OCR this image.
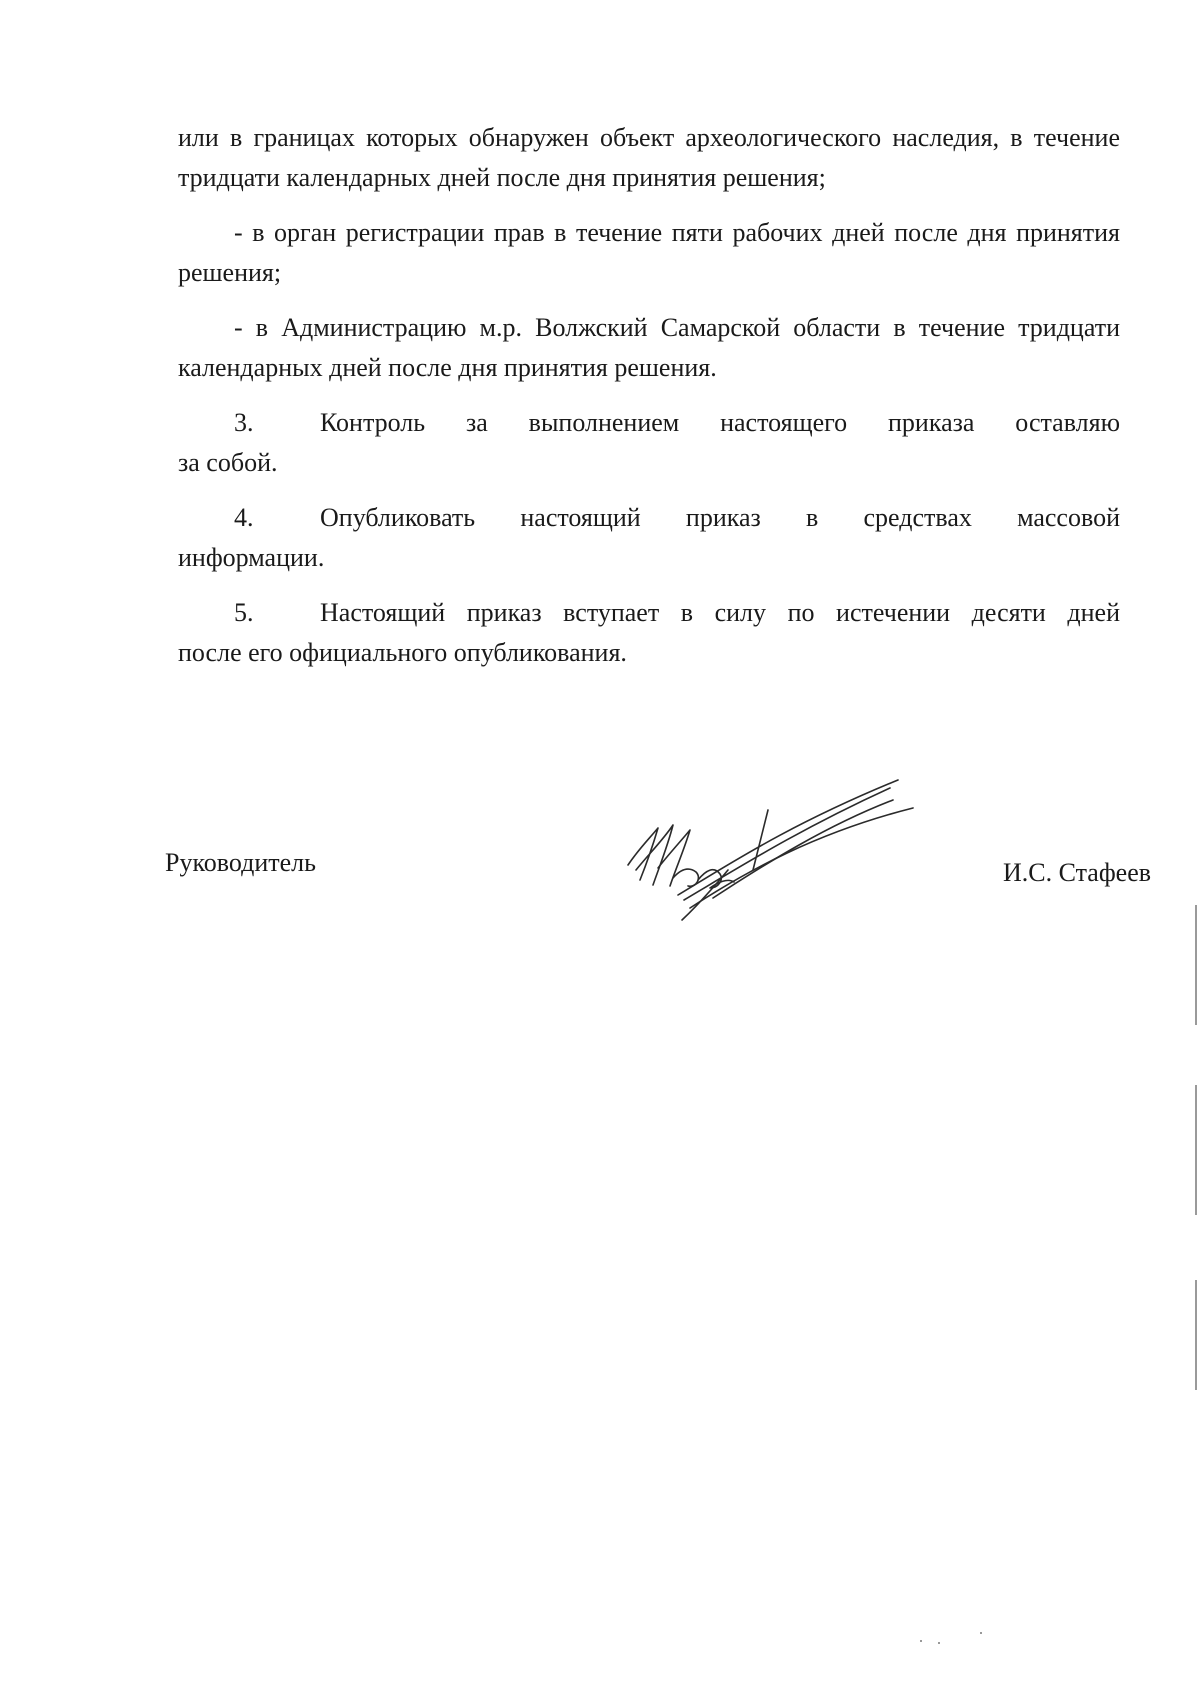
или в границах которых обнаружен объект археологического наследия, в течение тридцати календарных дней после дня принятия решения;

- в орган регистрации прав в течение пяти рабочих дней после дня принятия решения;

- в Администрацию м.р. Волжский Самарской области в течение тридцати календарных дней после дня принятия решения.

3.	Контроль за выполнением настоящего приказа оставляю
за собой.
4.	Опубликовать настоящий приказ в средствах массовой
информации.
5.	Настоящий приказ вступает в силу по истечении десяти дней
после его официального опубликования.
Руководитель	И.С. Стафеев
